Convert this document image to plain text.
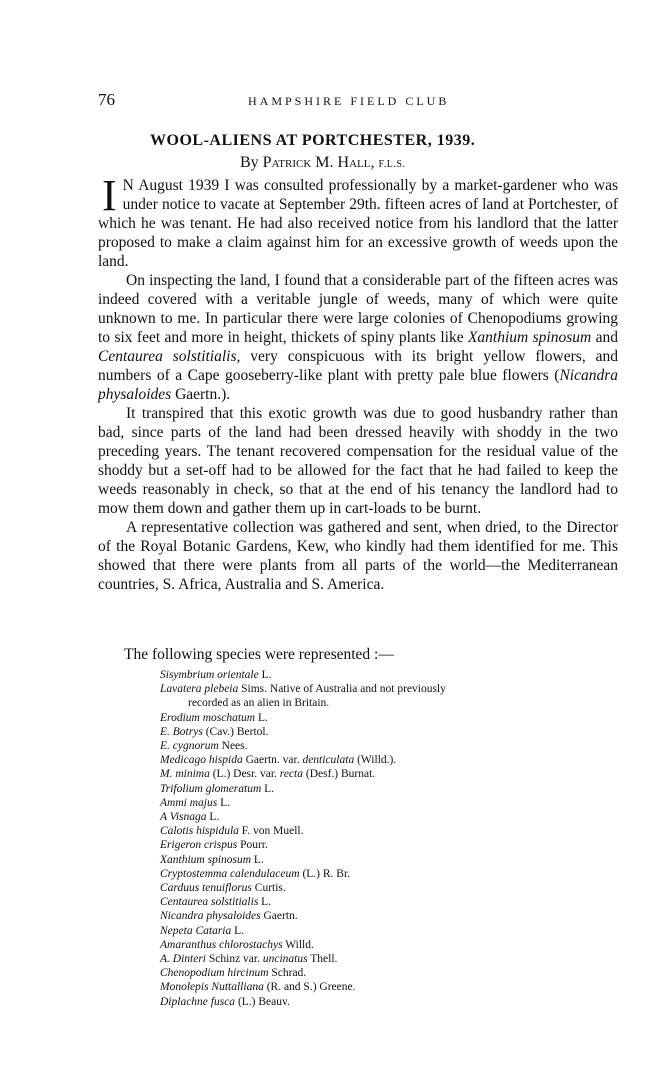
76	HAMPSHIRE FIELD CLUB
WOOL-ALIENS AT PORTCHESTER, 1939.
By Patrick M. Hall, F.L.S.

I N August 1939 I was consulted professionally by a market-gardener who was under notice to vacate at September 29th. fifteen acres of land at Portchester, of which he was tenant. He had also received notice from his landlord that the latter proposed to make a claim against him for an excessive growth of weeds upon the land.

On inspecting the land, I found that a considerable part of the fifteen acres was indeed covered with a veritable jungle of weeds, many of which were quite unknown to me. In particular there were large colonies of Chenopodiums growing to six feet and more in height, thickets of spiny plants like Xanthium spinosum and Centaurea solstitialis, very conspicuous with its bright yellow flowers, and numbers of a Cape gooseberry-like plant with pretty pale blue flowers (Nicandra physaloides Gaertn.).

It transpired that this exotic growth was due to good husbandry rather than bad, since parts of the land had been dressed heavily with shoddy in the two preceding years. The tenant recovered compensation for the residual value of the shoddy but a set-off had to be allowed for the fact that he had failed to keep the weeds reasonably in check, so that at the end of his tenancy the landlord had to mow them down and gather them up in cart-loads to be burnt.

A representative collection was gathered and sent, when dried, to the Director of the Royal Botanic Gardens, Kew, who kindly had them identified for me. This showed that there were plants from all parts of the world—the Mediterranean countries, S. Africa, Australia and S. America.

The following species were represented :—
Sisymbrium orientale L.
Lavatera plebeia Sims. Native of Australia and not previously
recorded as an alien in Britain.
Erodium moschatum L.
E. Botrys (Cav.) Bertol.
E. cygnorum Nees.
Medicago hispida Gaertn. var. denticulata (Willd.).
M. minima (L.) Desr. var. recta (Desf.) Burnat.
Trifolium glomeratum L.
Ammi majus L.
A Visnaga L.
Calotis hispidula F. von Muell.
Erigeron crispus Pourr.
Xanthium spinosum L.
Cryptostemma calendulaceum (L.) R. Br.
Carduus tenuiflorus Curtis.
Centaurea solstitialis L.
Nicandra physaloides Gaertn.
Nepeta Cataria L.
Amaranthus chlorostachys Willd.
A. Dinteri Schinz var. uncinatus Thell.
Chenopodium hircinum Schrad.
Monolepis Nuttalliana (R. and S.) Greene.
Diplachne fusca (L.) Beauv.
